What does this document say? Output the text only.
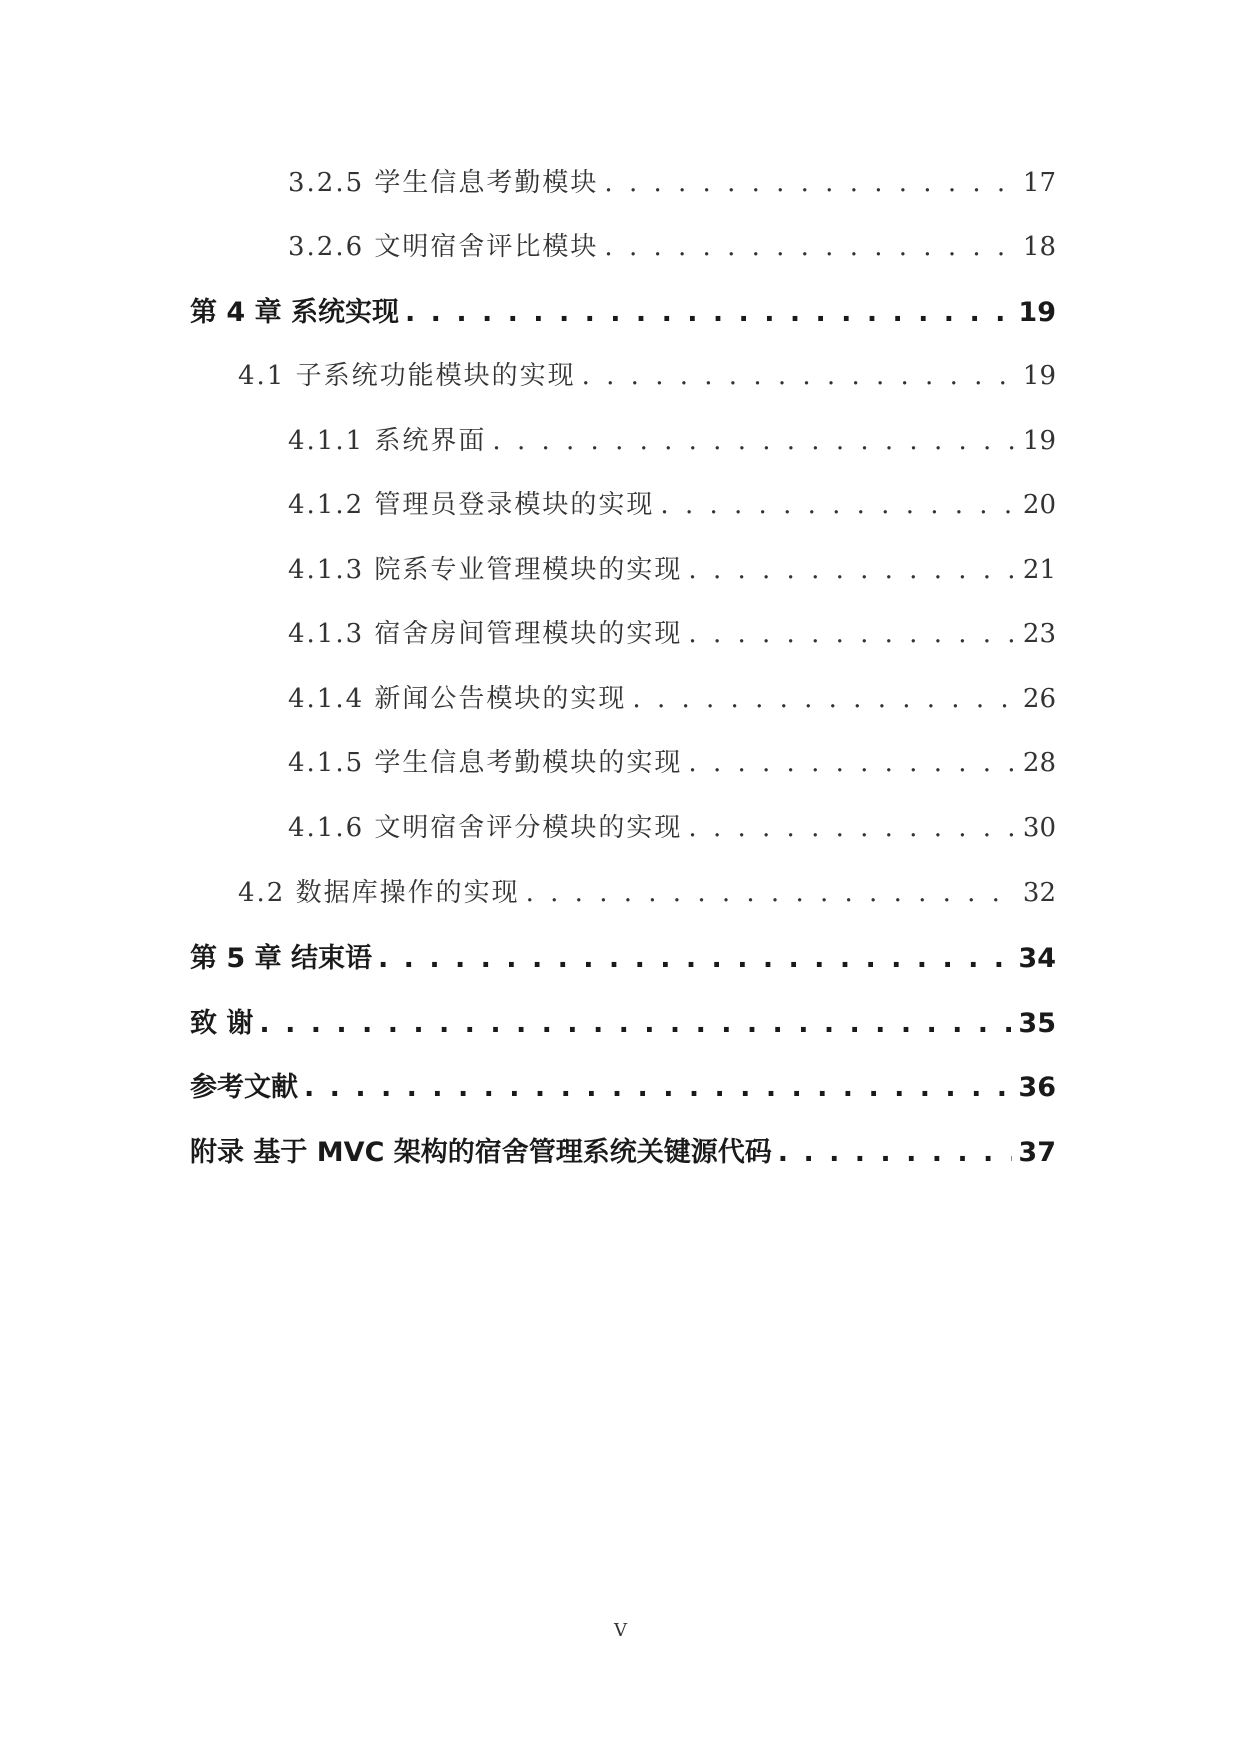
3.2.5 学生信息考勤模块 . . .	17
3.2.6 文明宿舍评比模块 . . .	18
第 4 章 系统实现 . . .	19
4.1 子系统功能模块的实现 . . .	19
4.1.1 系统界面 . . .	19
4.1.2 管理员登录模块的实现 . . .	20
4.1.3 院系专业管理模块的实现 . . .	21
4.1.3 宿舍房间管理模块的实现 . . .	23
4.1.4 新闻公告模块的实现 . . .	26
4.1.5 学生信息考勤模块的实现 . . .	28
4.1.6 文明宿舍评分模块的实现 . . .	30
4.2 数据库操作的实现 . . .	32
第 5 章 结束语 . . .	34
致 谢 . . .	35
参考文献 . . .	36
附录 基于 MVC 架构的宿舍管理系统关键源代码 . . .	37
V
